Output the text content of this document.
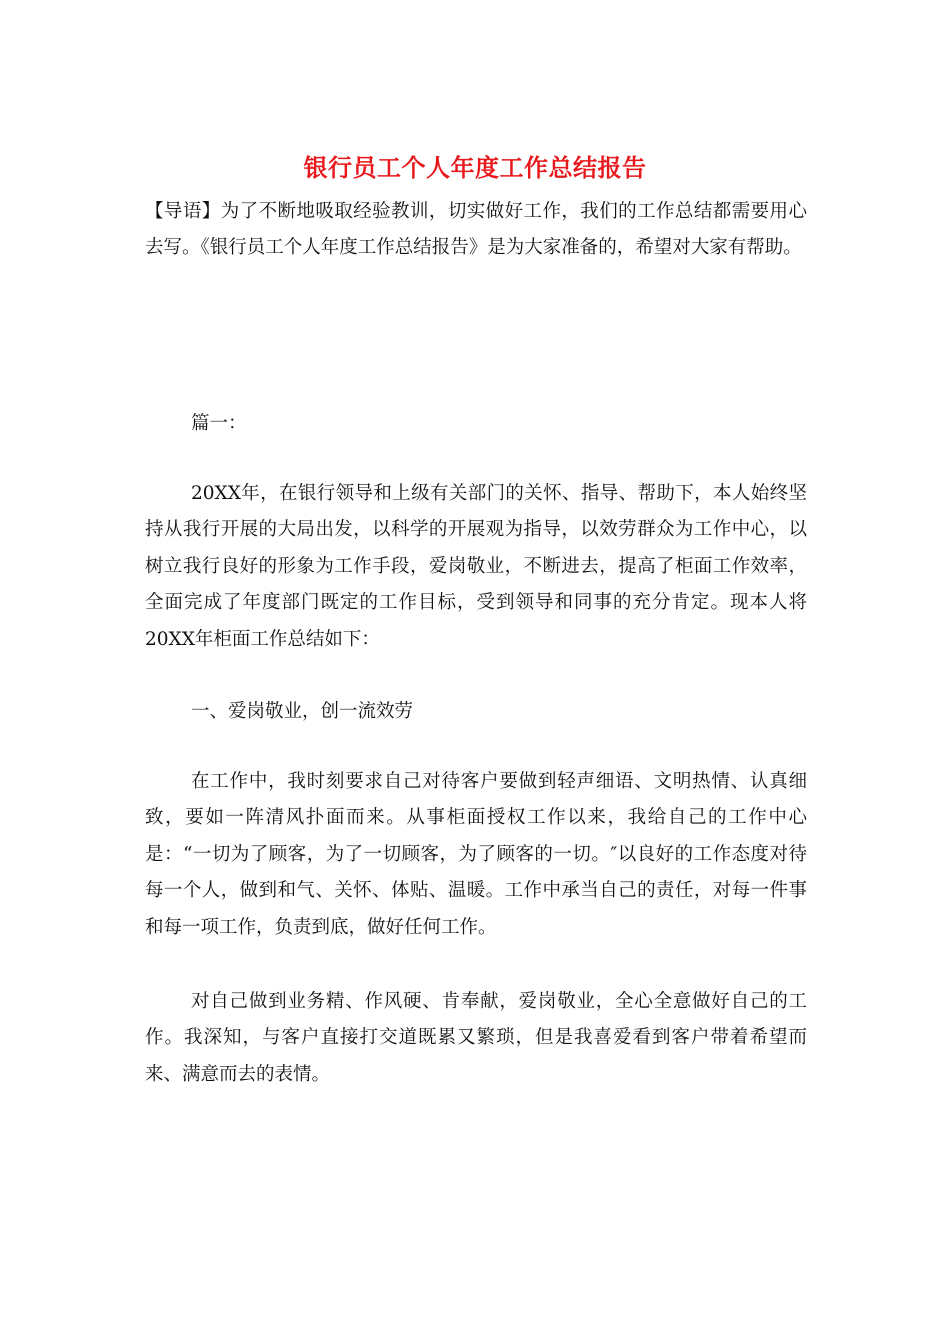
银行员工个人年度工作总结报告

【导语】为了不断地吸取经验教训，切实做好工作，我们的工作总结都需要用心去写。《银行员工个人年度工作总结报告》是为大家准备的，希望对大家有帮助。

篇一：

20XX年，在银行领导和上级有关部门的关怀、指导、帮助下，本人始终坚持从我行开展的大局出发，以科学的开展观为指导，以效劳群众为工作中心，以树立我行良好的形象为工作手段，爱岗敬业，不断进去，提高了柜面工作效率，全面完成了年度部门既定的工作目标，受到领导和同事的充分肯定。现本人将20XX年柜面工作总结如下：

一、爱岗敬业，创一流效劳

在工作中，我时刻要求自己对待客户要做到轻声细语、文明热情、认真细致，要如一阵清风扑面而来。从事柜面授权工作以来，我给自己的工作中心是：“一切为了顾客，为了一切顾客，为了顾客的一切。″以良好的工作态度对待每一个人，做到和气、关怀、体贴、温暖。工作中承当自己的责任，对每一件事和每一项工作，负责到底，做好任何工作。

对自己做到业务精、作风硬、肯奉献，爱岗敬业，全心全意做好自己的工作。我深知，与客户直接打交道既累又繁琐，但是我喜爱看到客户带着希望而来、满意而去的表情。
